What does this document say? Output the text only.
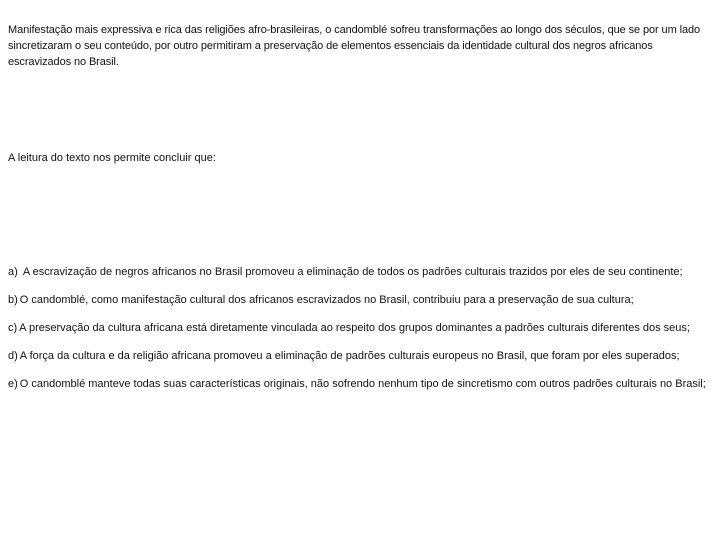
Manifestação mais expressiva e rica das religiões afro-brasileiras, o candomblé sofreu transformações ao longo dos séculos, que se por um lado sincretizaram o seu conteúdo, por outro permitiram a preservação de elementos essenciais da identidade cultural dos negros africanos escravizados no Brasil.
A leitura do texto nos permite concluir que:
a) A escravização de negros africanos no Brasil promoveu a eliminação de todos os padrões culturais trazidos por eles de seu continente;
b) O candomblé, como manifestação cultural dos africanos escravizados no Brasil, contribuiu para a preservação de sua cultura;
c) A preservação da cultura africana está diretamente vinculada ao respeito dos grupos dominantes a padrões culturais diferentes dos seus;
d) A força da cultura e da religião africana promoveu a eliminação de padrões culturais europeus no Brasil, que foram por eles superados;
e) O candomblé manteve todas suas características originais, não sofrendo nenhum tipo de sincretismo com outros padrões culturais no Brasil;
